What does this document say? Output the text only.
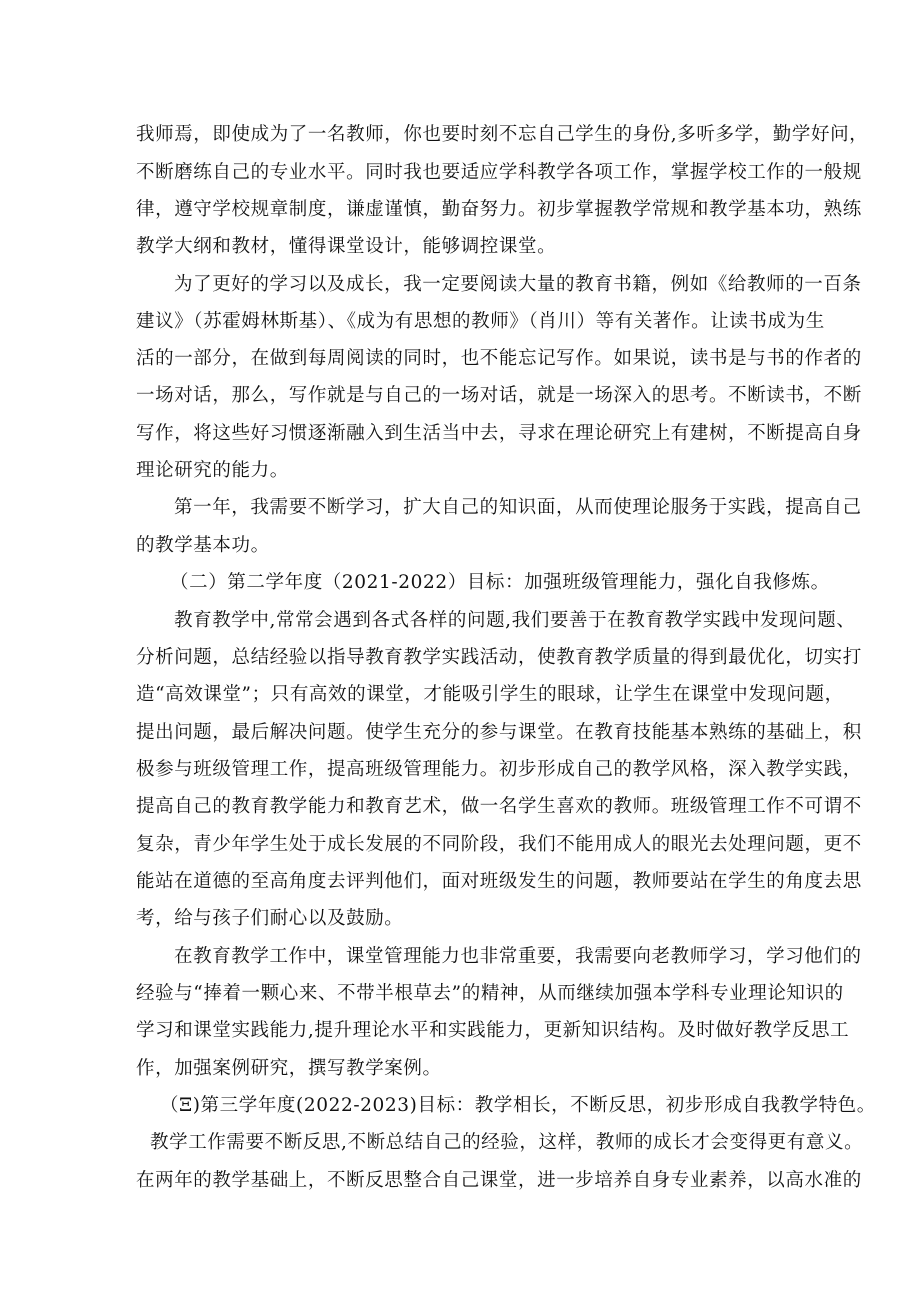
我师焉，即使成为了一名教师，你也要时刻不忘自己学生的身份,多听多学，勤学好问，
不断磨练自己的专业水平。同时我也要适应学科教学各项工作，掌握学校工作的一般规
律，遵守学校规章制度，谦虚谨慎，勤奋努力。初步掌握教学常规和教学基本功，熟练
教学大纲和教材，懂得课堂设计，能够调控课堂。
为了更好的学习以及成长，我一定要阅读大量的教育书籍，例如《给教师的一百条
建议》（苏霍姆林斯基）、《成为有思想的教师》（肖川）等有关著作。让读书成为生
活的一部分，在做到每周阅读的同时，也不能忘记写作。如果说，读书是与书的作者的
一场对话，那么，写作就是与自己的一场对话，就是一场深入的思考。不断读书，不断
写作，将这些好习惯逐渐融入到生活当中去，寻求在理论研究上有建树，不断提高自身
理论研究的能力。
第一年，我需要不断学习，扩大自己的知识面，从而使理论服务于实践，提高自己
的教学基本功。
（二）第二学年度（2021-2022）目标：加强班级管理能力，强化自我修炼。
教育教学中,常常会遇到各式各样的问题,我们要善于在教育教学实践中发现问题、
分析问题，总结经验以指导教育教学实践活动，使教育教学质量的得到最优化，切实打
造“高效课堂”；只有高效的课堂，才能吸引学生的眼球，让学生在课堂中发现问题，
提出问题，最后解决问题。使学生充分的参与课堂。在教育技能基本熟练的基础上，积
极参与班级管理工作，提高班级管理能力。初步形成自己的教学风格，深入教学实践，
提高自己的教育教学能力和教育艺术，做一名学生喜欢的教师。班级管理工作不可谓不
复杂，青少年学生处于成长发展的不同阶段，我们不能用成人的眼光去处理问题，更不
能站在道德的至高角度去评判他们，面对班级发生的问题，教师要站在学生的角度去思
考，给与孩子们耐心以及鼓励。
在教育教学工作中，课堂管理能力也非常重要，我需要向老教师学习，学习他们的
经验与“捧着一颗心来、不带半根草去”的精神，从而继续加强本学科专业理论知识的
学习和课堂实践能力,提升理论水平和实践能力，更新知识结构。及时做好教学反思工
作，加强案例研究，撰写教学案例。
（Ξ)第三学年度(2022-2023)目标：教学相长，不断反思，初步形成自我教学特色。
教学工作需要不断反思,不断总结自己的经验，这样，教师的成长才会变得更有意义。
在两年的教学基础上，不断反思整合自己课堂，进一步培养自身专业素养，以高水准的
